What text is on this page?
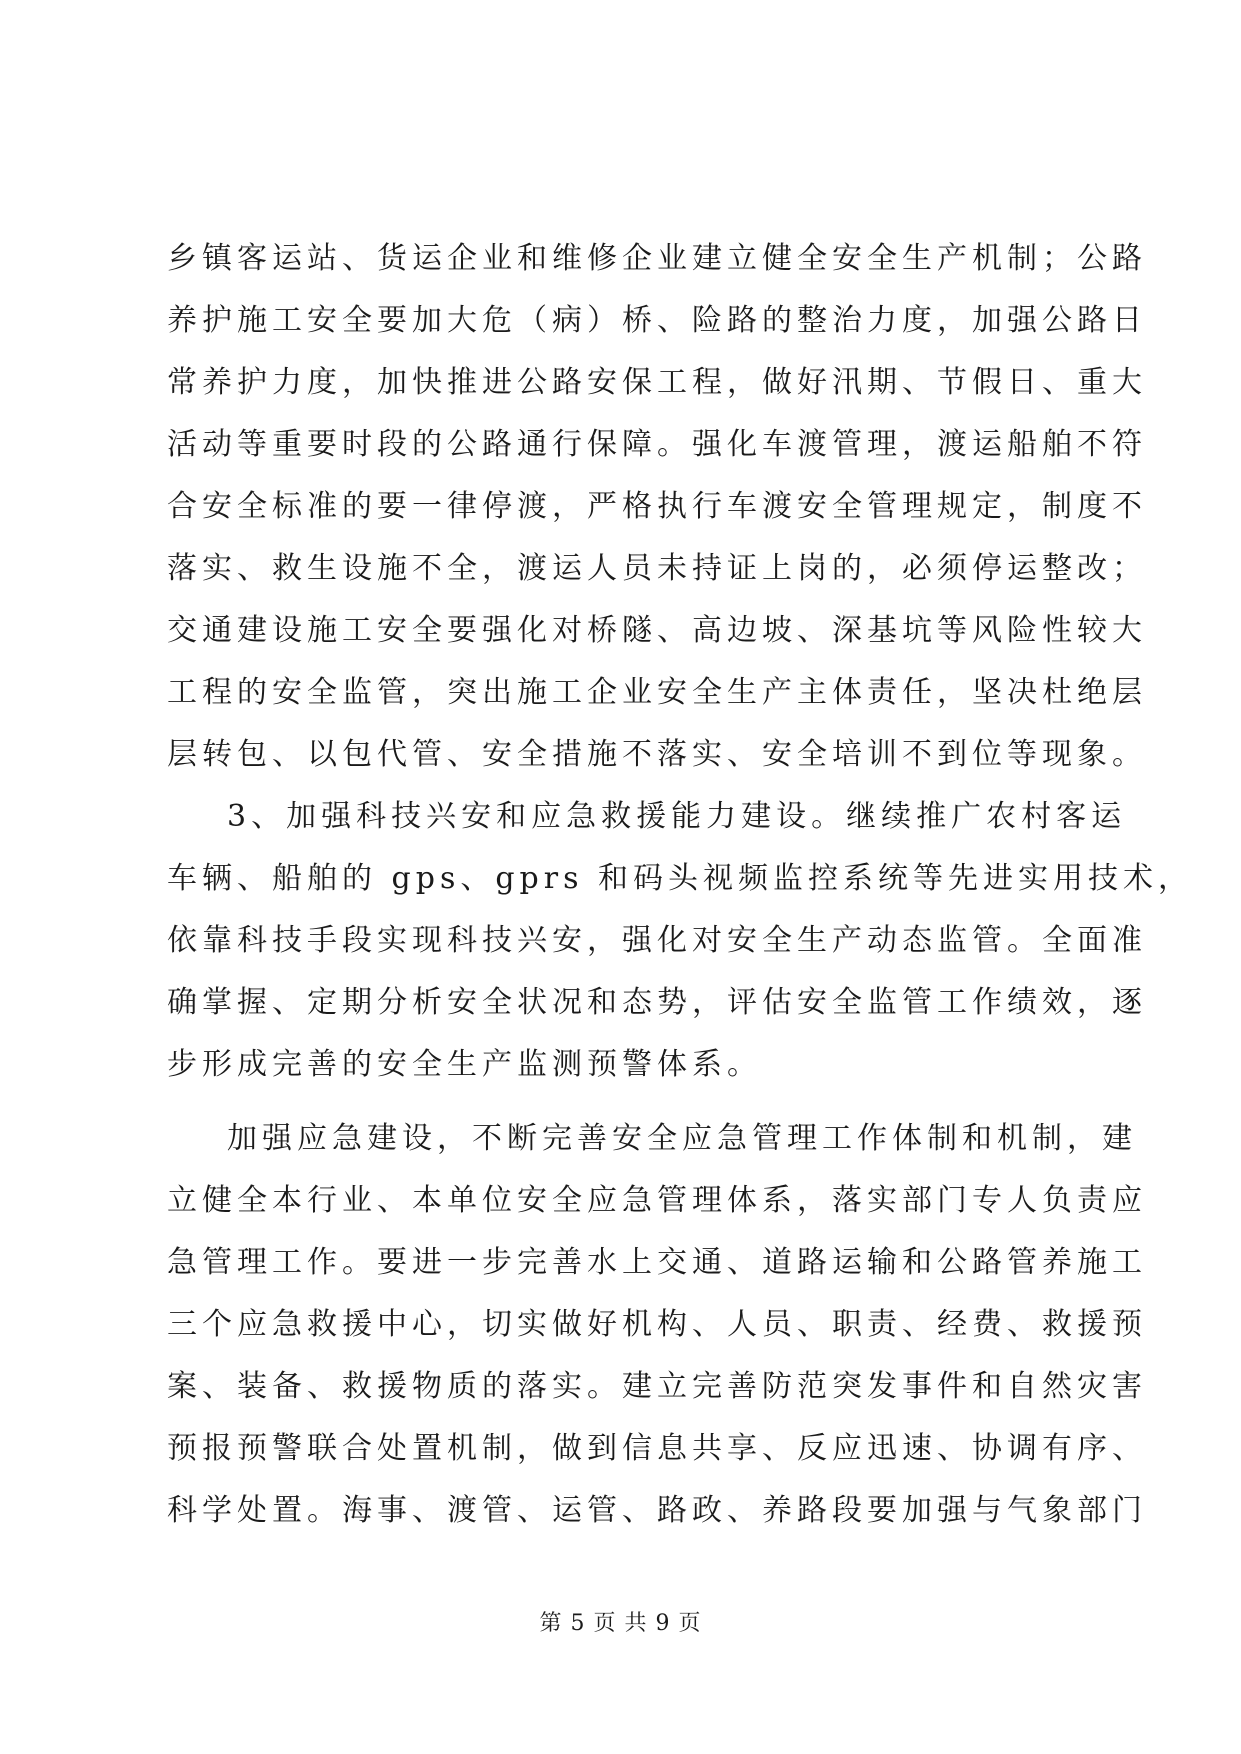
乡镇客运站、货运企业和维修企业建立健全安全生产机制；公路
养护施工安全要加大危（病）桥、险路的整治力度，加强公路日
常养护力度，加快推进公路安保工程，做好汛期、节假日、重大
活动等重要时段的公路通行保障。强化车渡管理，渡运船舶不符
合安全标准的要一律停渡，严格执行车渡安全管理规定，制度不
落实、救生设施不全，渡运人员未持证上岗的，必须停运整改；
交通建设施工安全要强化对桥隧、高边坡、深基坑等风险性较大
工程的安全监管，突出施工企业安全生产主体责任，坚决杜绝层
层转包、以包代管、安全措施不落实、安全培训不到位等现象。
3、加强科技兴安和应急救援能力建设。继续推广农村客运
车辆、船舶的 gps、gprs 和码头视频监控系统等先进实用技术，
依靠科技手段实现科技兴安，强化对安全生产动态监管。全面准
确掌握、定期分析安全状况和态势，评估安全监管工作绩效，逐
步形成完善的安全生产监测预警体系。
加强应急建设，不断完善安全应急管理工作体制和机制，建
立健全本行业、本单位安全应急管理体系，落实部门专人负责应
急管理工作。要进一步完善水上交通、道路运输和公路管养施工
三个应急救援中心，切实做好机构、人员、职责、经费、救援预
案、装备、救援物质的落实。建立完善防范突发事件和自然灾害
预报预警联合处置机制，做到信息共享、反应迅速、协调有序、
科学处置。海事、渡管、运管、路政、养路段要加强与气象部门
第 5 页 共 9 页
